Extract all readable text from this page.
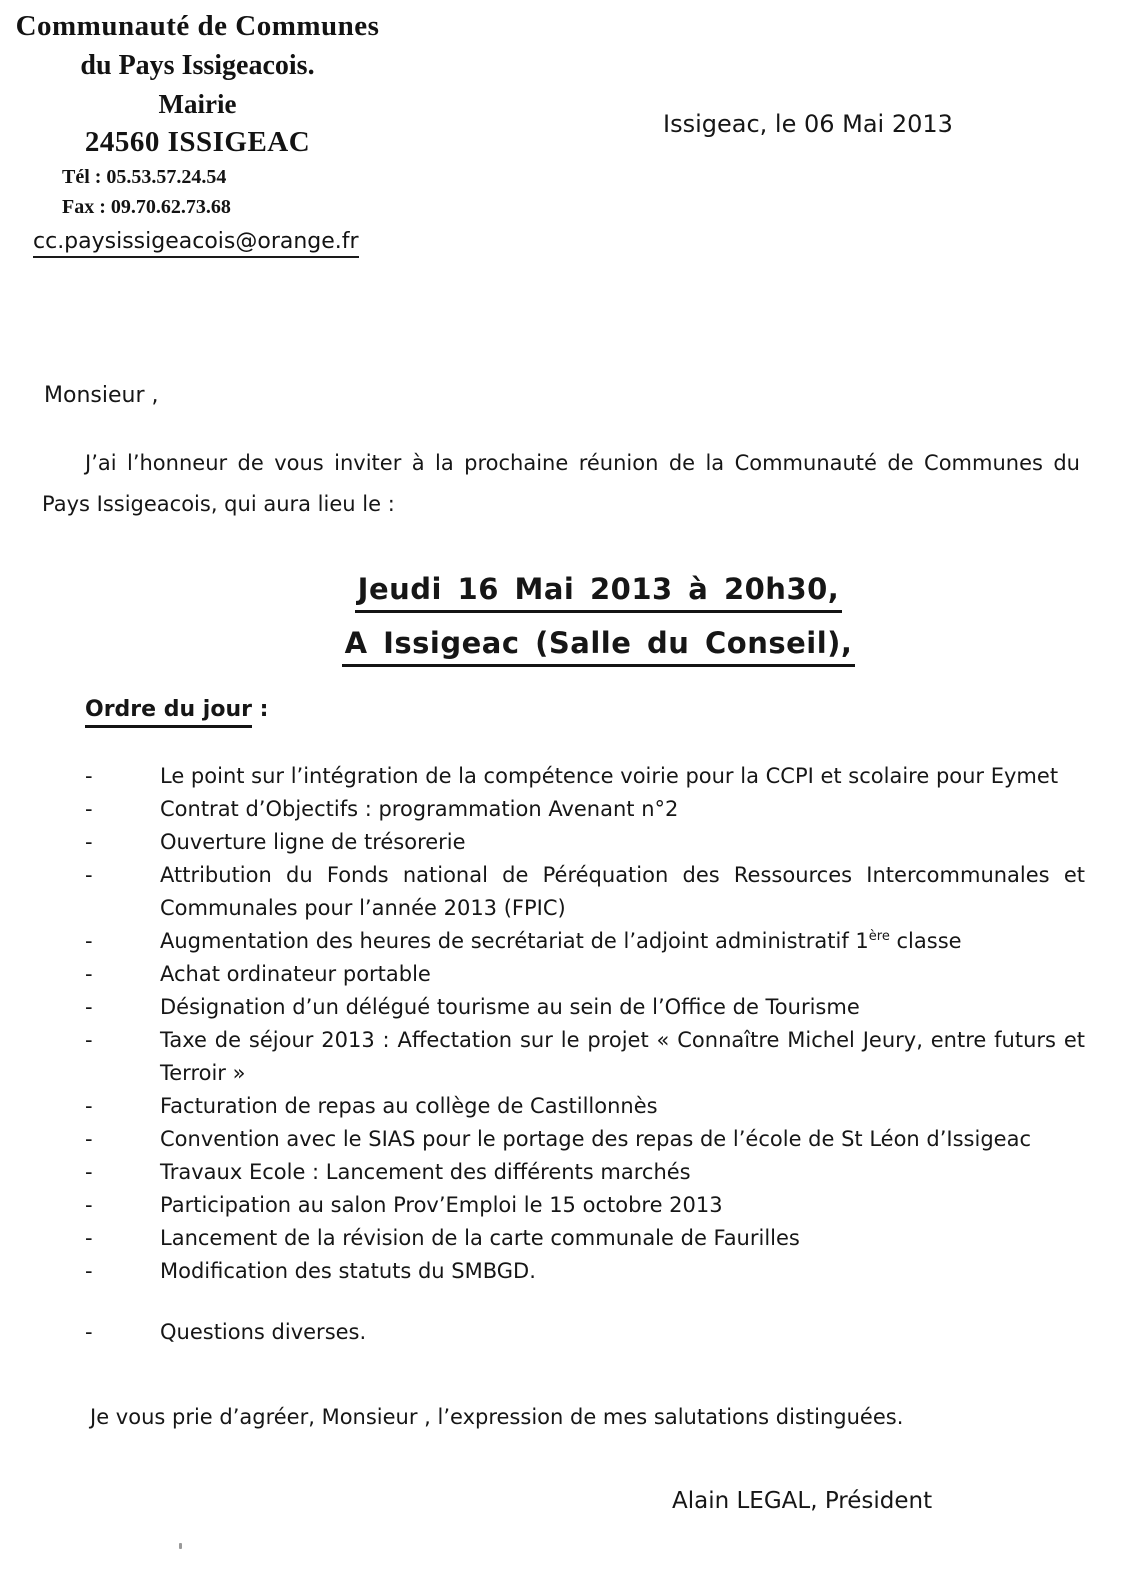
Communauté de Communes
du Pays Issigeacois.
Mairie
24560 ISSIGEAC
Tél : 05.53.57.24.54
Fax : 09.70.62.73.68
cc.paysissigeacois@orange.fr
Issigeac, le 06 Mai 2013
Monsieur ,

J’ai l’honneur de vous inviter à la prochaine réunion de la Communauté de Communes du Pays Issigeacois, qui aura lieu le :

Jeudi 16 Mai 2013 à 20h30,
A Issigeac (Salle du Conseil),
Ordre du jour :
-	Le point sur l’intégration de la compétence voirie pour la CCPI et scolaire pour Eymet
-	Contrat d’Objectifs : programmation Avenant n°2
-	Ouverture ligne de trésorerie
-	Attribution du Fonds national de Péréquation des Ressources Intercommunales et Communales pour l’année 2013 (FPIC)
-	Augmentation des heures de secrétariat de l’adjoint administratif 1ère classe
-	Achat ordinateur portable
-	Désignation d’un délégué tourisme au sein de l’Office de Tourisme
-	Taxe de séjour 2013 : Affectation sur le projet « Connaître Michel Jeury, entre futurs et Terroir »
-	Facturation de repas au collège de Castillonnès
-	Convention avec le SIAS pour le portage des repas de l’école de St Léon d’Issigeac
-	Travaux Ecole : Lancement des différents marchés
-	Participation au salon Prov’Emploi le 15 octobre 2013
-	Lancement de la révision de la carte communale de Faurilles
-	Modification des statuts du SMBGD.
-	Questions diverses.

Je vous prie d’agréer, Monsieur , l’expression de mes salutations distinguées.

Alain LEGAL, Président
